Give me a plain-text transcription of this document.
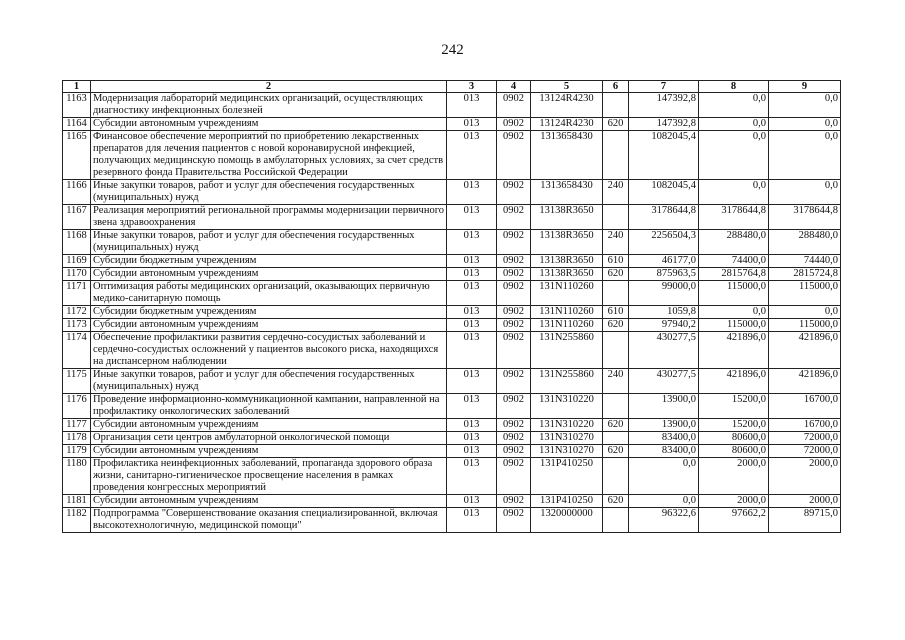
242
1	2	3	4	5	6	7	8	9
1163	Модернизация лабораторий медицинских организаций, осуществляющих диагностику инфекционных болезней	013	0902	13124R4230		147392,8	0,0	0,0
1164	Субсидии автономным учреждениям	013	0902	13124R4230	620	147392,8	0,0	0,0
1165	Финансовое обеспечение мероприятий по приобретению лекарственных препаратов для лечения пациентов с новой коронавирусной инфекцией, получающих медицинскую помощь в амбулаторных условиях, за счет средств резервного фонда Правительства Российской Федерации	013	0902	1313658430		1082045,4	0,0	0,0
1166	Иные закупки товаров, работ и услуг для обеспечения государственных (муниципальных) нужд	013	0902	1313658430	240	1082045,4	0,0	0,0
1167	Реализация мероприятий региональной программы модернизации первичного звена здравоохранения	013	0902	13138R3650		3178644,8	3178644,8	3178644,8
1168	Иные закупки товаров, работ и услуг для обеспечения государственных (муниципальных) нужд	013	0902	13138R3650	240	2256504,3	288480,0	288480,0
1169	Субсидии бюджетным учреждениям	013	0902	13138R3650	610	46177,0	74400,0	74440,0
1170	Субсидии автономным учреждениям	013	0902	13138R3650	620	875963,5	2815764,8	2815724,8
1171	Оптимизация работы медицинских организаций, оказывающих первичную медико-санитарную помощь	013	0902	131N110260		99000,0	115000,0	115000,0
1172	Субсидии бюджетным учреждениям	013	0902	131N110260	610	1059,8	0,0	0,0
1173	Субсидии автономным учреждениям	013	0902	131N110260	620	97940,2	115000,0	115000,0
1174	Обеспечение профилактики развития сердечно-сосудистых заболеваний и сердечно-сосудистых осложнений у пациентов высокого риска, находящихся на диспансерном наблюдении	013	0902	131N255860		430277,5	421896,0	421896,0
1175	Иные закупки товаров, работ и услуг для обеспечения государственных (муниципальных) нужд	013	0902	131N255860	240	430277,5	421896,0	421896,0
1176	Проведение информационно-коммуникационной кампании, направленной на профилактику онкологических заболеваний	013	0902	131N310220		13900,0	15200,0	16700,0
1177	Субсидии автономным учреждениям	013	0902	131N310220	620	13900,0	15200,0	16700,0
1178	Организация сети центров амбулаторной онкологической помощи	013	0902	131N310270		83400,0	80600,0	72000,0
1179	Субсидии автономным учреждениям	013	0902	131N310270	620	83400,0	80600,0	72000,0
1180	Профилактика неинфекционных заболеваний, пропаганда здорового образа жизни, санитарно-гигиеническое просвещение населения в рамках проведения конгрессных мероприятий	013	0902	131P410250		0,0	2000,0	2000,0
1181	Субсидии автономным учреждениям	013	0902	131P410250	620	0,0	2000,0	2000,0
1182	Подпрограмма "Совершенствование оказания специализированной, включая высокотехнологичную, медицинской помощи"	013	0902	1320000000		96322,6	97662,2	89715,0
